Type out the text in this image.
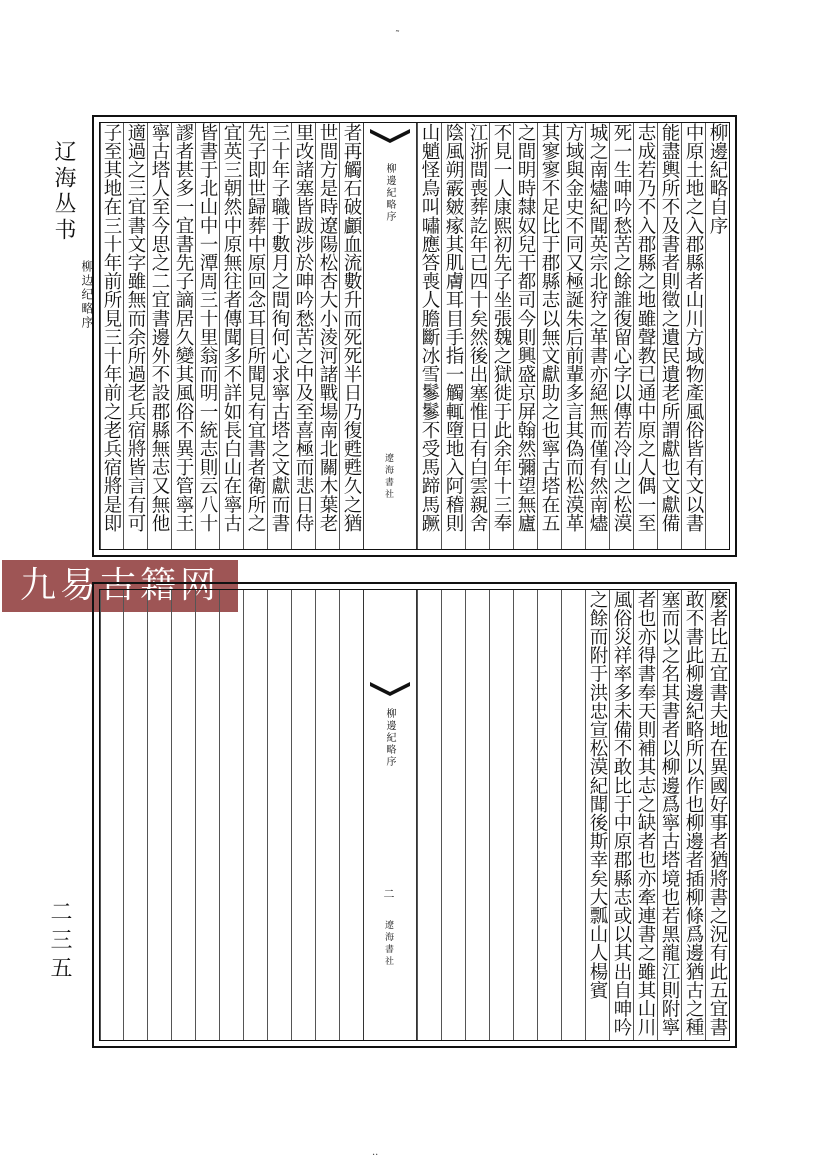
辽海丛书
柳边纪略序
二三五
˜
柳邊紀略自序
中原土地之入郡縣者山川方域物產風俗皆有文以書
能盡輿所不及書者則徵之遺民遺老所謂獻也文獻備
志成若乃不入郡縣之地雖聲教已通中原之人偶一至
死一生呻吟愁苦之餘誰復留心字以傳若冷山之松漠
城之南燼紀聞英宗北狩之革書亦絕無而僅有然南燼
方域與金史不同又極誕朱后前輩多言其偽而松漠革
其寥寥不足比于郡縣志以無文獻助之也寧古塔在五
之間明時隸奴兒干都司今則興盛京屏翰然彌望無廬
不見一人康熙初先子坐張魏之獄徙于此余年十三奉
江浙間喪葬訖年已四十矣然後出塞惟日有白雲親舍
陰風朔霰皴瘃其肌膚耳目手指一觸輒墮地入阿稽則
山魈怪鳥叫嘯應答喪人膽斷冰雪鬖鬖不受馬蹄馬蹶
柳邊紀略序
遼海書社
者再觸石破顱血流數升而死死半日乃復甦甦久之猶
世間方是時遼陽松杏大小淩河諸戰場南北關木葉老
里改諸塞皆跋涉於呻吟愁苦之中及至喜極而悲日侍
三十年子職于數月之間徇何心求寧古塔之文獻而書
先子即世歸葬中原回念耳目所聞見有宜書者衛所之
宜英三朝然中原無往者傳聞多不詳如長白山在寧古
皆書于北山中一潭周三十里翁而明一統志則云八十
謬者甚多一宜書先子謫居久變其風俗不異于管寧王
寧古塔人至今思之二宜書邊外不設郡縣無志又無他
適過之三宜書文字雖無而余所過老兵宿將皆言有可
子至其地在三十年前所見三十年前之老兵宿將是即
九易古籍网	麼者比五宜書夫地在異國好事者猶將書之況有此五宜書
敢不書此柳邊紀略所以作也柳邊者插柳條爲邊猶古之種
塞而以之名其書者以柳邊爲寧古塔境也若黑龍江則附寧
者也亦得書奉天則補其志之缺者也亦牽連書之雖其山川
風俗災祥率多未備不敢比于中原郡縣志或以其出自呻吟
之餘而附于洪忠宣松漠紀聞後斯幸矣大瓢山人楊賓
柳邊紀略序
二
遼海書社
··
